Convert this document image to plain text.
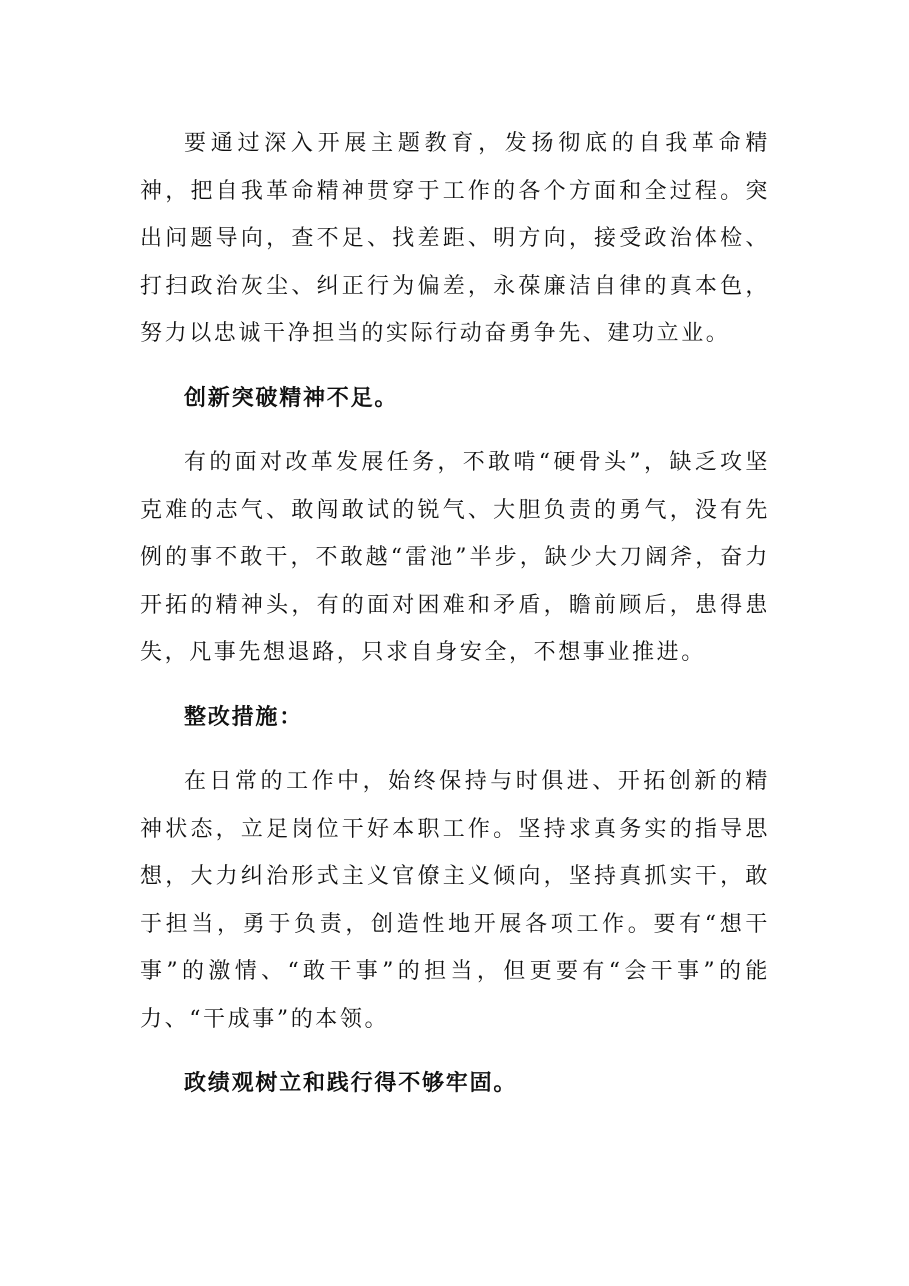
要通过深入开展主题教育，发扬彻底的自我革命精神，把自我革命精神贯穿于工作的各个方面和全过程。突出问题导向，查不足、找差距、明方向，接受政治体检、打扫政治灰尘、纠正行为偏差，永葆廉洁自律的真本色，努力以忠诚干净担当的实际行动奋勇争先、建功立业。

创新突破精神不足。

有的面对改革发展任务，不敢啃“硬骨头”，缺乏攻坚克难的志气、敢闯敢试的锐气、大胆负责的勇气，没有先例的事不敢干，不敢越“雷池”半步，缺少大刀阔斧，奋力开拓的精神头，有的面对困难和矛盾，瞻前顾后，患得患失，凡事先想退路，只求自身安全，不想事业推进。

整改措施：

在日常的工作中，始终保持与时俱进、开拓创新的精神状态，立足岗位干好本职工作。坚持求真务实的指导思想，大力纠治形式主义官僚主义倾向，坚持真抓实干，敢于担当，勇于负责，创造性地开展各项工作。要有“想干事”的激情、“敢干事”的担当，但更要有“会干事”的能力、“干成事”的本领。

政绩观树立和践行得不够牢固。
